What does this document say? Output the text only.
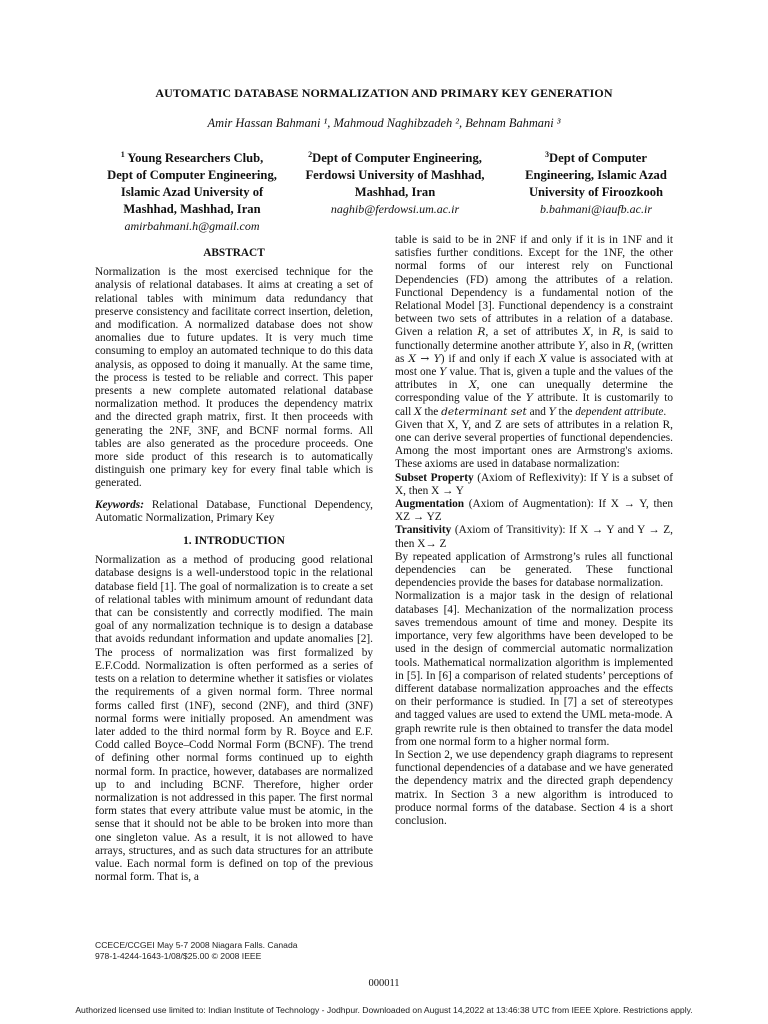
AUTOMATIC DATABASE NORMALIZATION AND PRIMARY KEY GENERATION
Amir Hassan Bahmani ¹, Mahmoud Naghibzadeh ², Behnam Bahmani ³
$^1$ Young Researchers Club,
Dept of Computer Engineering,
Islamic Azad University of
Mashhad, Mashhad, Iran
amirbahmani.h@gmail.com
$^2$Dept of Computer Engineering,
Ferdowsi University of Mashhad,
Mashhad, Iran
naghib@ferdowsi.um.ac.ir
$^3$Dept of Computer
Engineering, Islamic Azad
University of Firoozkooh
b.bahmani@iaufb.ac.ir

ABSTRACT

Normalization is the most exercised technique for the analysis of relational databases. It aims at creating a set of relational tables with minimum data redundancy that preserve consistency and facilitate correct insertion, deletion, and modification. A normalized database does not show anomalies due to future updates. It is very much time consuming to employ an automated technique to do this data analysis, as opposed to doing it manually. At the same time, the process is tested to be reliable and correct. This paper presents a new complete automated relational database normalization method. It produces the dependency matrix and the directed graph matrix, first. It then proceeds with generating the 2NF, 3NF, and BCNF normal forms. All tables are also generated as the procedure proceeds. One more side product of this research is to automatically distinguish one primary key for every final table which is generated.

Keywords: Relational Database, Functional Dependency, Automatic Normalization, Primary Key

1. INTRODUCTION

Normalization as a method of producing good relational database designs is a well-understood topic in the relational database field [1]. The goal of normalization is to create a set of relational tables with minimum amount of redundant data that can be consistently and correctly modified. The main goal of any normalization technique is to design a database that avoids redundant information and update anomalies [2]. The process of normalization was first formalized by E.F.Codd. Normalization is often performed as a series of tests on a relation to determine whether it satisfies or violates the requirements of a given normal form. Three normal forms called first (1NF), second (2NF), and third (3NF) normal forms were initially proposed. An amendment was later added to the third normal form by R. Boyce and E.F. Codd called Boyce–Codd Normal Form (BCNF). The trend of defining other normal forms continued up to eighth normal form. In practice, however, databases are normalized up to and including BCNF. Therefore, higher order normalization is not addressed in this paper. The first normal form states that every attribute value must be atomic, in the sense that it should not be able to be broken into more than one singleton value. As a result, it is not allowed to have arrays, structures, and as such data structures for an attribute value. Each normal form is defined on top of the previous normal form. That is, a

table is said to be in 2NF if and only if it is in 1NF and it satisfies further conditions. Except for the 1NF, the other normal forms of our interest rely on Functional Dependencies (FD) among the attributes of a relation. Functional Dependency is a fundamental notion of the Relational Model [3]. Functional dependency is a constraint between two sets of attributes in a relation of a database. Given a relation R, a set of attributes X, in R, is said to functionally determine another attribute Y, also in R, (written as X → Y) if and only if each X value is associated with at most one Y value. That is, given a tuple and the values of the attributes in X, one can unequally determine the corresponding value of the Y attribute. It is customarily to call X the determinant set and Y the dependent attribute.

Given that X, Y, and Z are sets of attributes in a relation R, one can derive several properties of functional dependencies. Among the most important ones are Armstrong's axioms. These axioms are used in database normalization:

Subset Property (Axiom of Reflexivity): If Y is a subset of X, then X → Y

Augmentation (Axiom of Augmentation): If X → Y, then XZ → YZ

Transitivity (Axiom of Transitivity): If X → Y and Y → Z, then X→ Z

By repeated application of Armstrong’s rules all functional dependencies can be generated. These functional dependencies provide the bases for database normalization.

Normalization is a major task in the design of relational databases [4]. Mechanization of the normalization process saves tremendous amount of time and money. Despite its importance, very few algorithms have been developed to be used in the design of commercial automatic normalization tools. Mathematical normalization algorithm is implemented in [5]. In [6] a comparison of related students’ perceptions of different database normalization approaches and the effects on their performance is studied. In [7] a set of stereotypes and tagged values are used to extend the UML meta-mode. A graph rewrite rule is then obtained to transfer the data model from one normal form to a higher normal form.

In Section 2, we use dependency graph diagrams to represent functional dependencies of a database and we have generated the dependency matrix and the directed graph dependency matrix. In Section 3 a new algorithm is introduced to produce normal forms of the database. Section 4 is a short conclusion.

CCECE/CCGEI May 5-7 2008 Niagara Falls. Canada
978-1-4244-1643-1/08/$25.00 © 2008 IEEE
000011
Authorized licensed use limited to: Indian Institute of Technology - Jodhpur. Downloaded on August 14,2022 at 13:46:38 UTC from IEEE Xplore. Restrictions apply.
